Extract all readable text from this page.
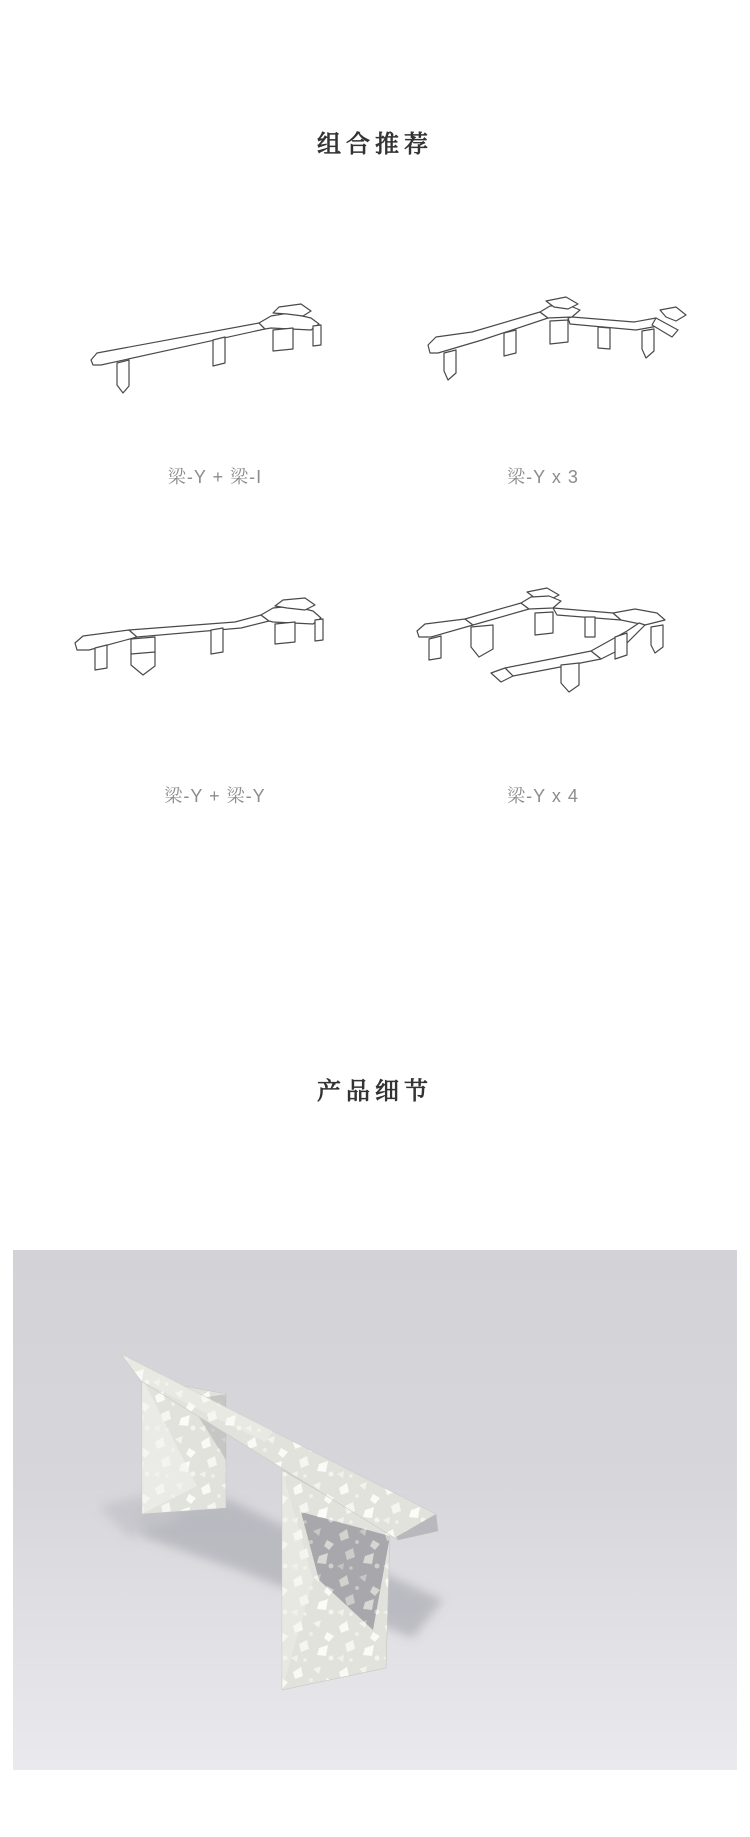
组合推荐

梁-Y + 梁-I	梁-Y x 3

梁-Y + 梁-Y	梁-Y x 4

产品细节
